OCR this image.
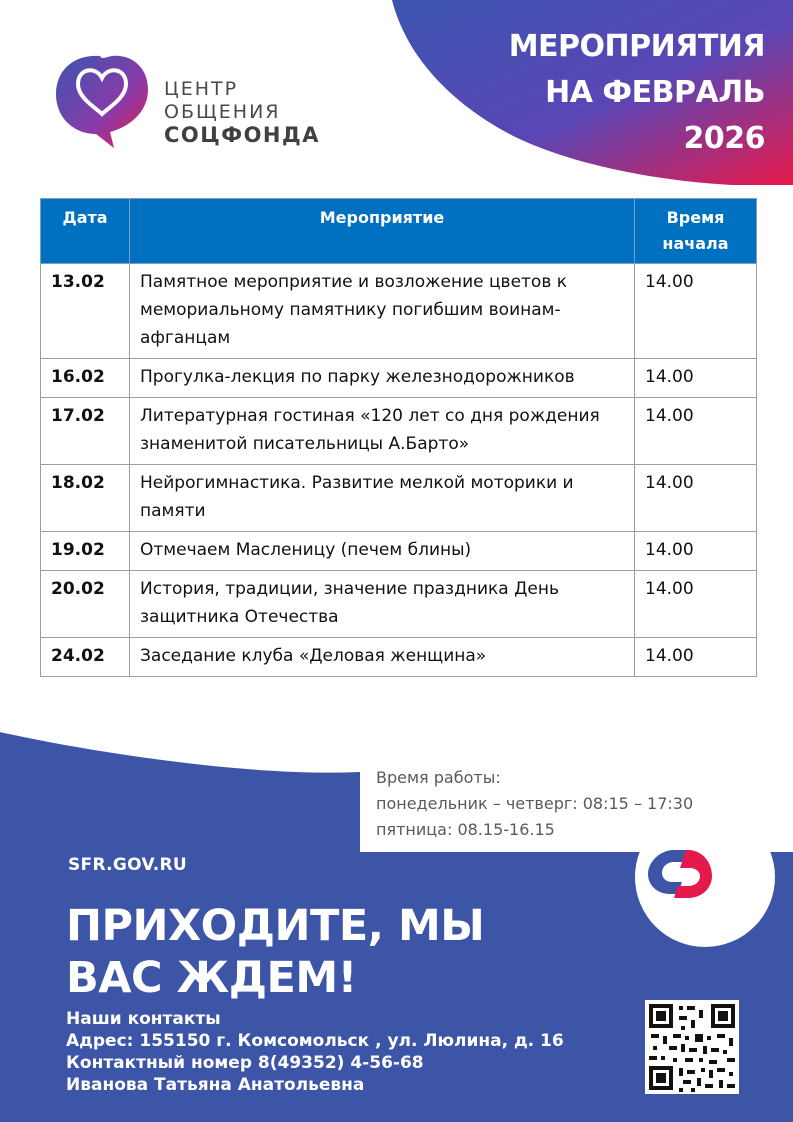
МЕРОПРИЯТИЯ
НА ФЕВРАЛЬ
2026
ЦЕНТР
ОБЩЕНИЯ
СОЦФОНДА
Дата	Мероприятие	Время начала
13.02	Памятное мероприятие и возложение цветов к мемориальному памятнику погибшим воинам-афганцам	14.00
16.02	Прогулка-лекция по парку железнодорожников	14.00
17.02	Литературная гостиная «120 лет со дня рождения знаменитой писательницы А.Барто»	14.00
18.02	Нейрогимнастика. Развитие мелкой моторики и памяти	14.00
19.02	Отмечаем Масленицу (печем блины)	14.00
20.02	История, традиции, значение праздника День защитника Отечества	14.00
24.02	Заседание клуба «Деловая женщина»	14.00
Время работы:
понедельник – четверг: 08:15 – 17:30
пятница: 08.15-16.15
SFR.GOV.RU
ПРИХОДИТЕ, МЫ
ВАС ЖДЕМ!
Наши контакты
Адрес: 155150 г. Комсомольск , ул. Люлина, д. 16
Контактный номер 8(49352) 4-56-68
Иванова Татьяна Анатольевна
